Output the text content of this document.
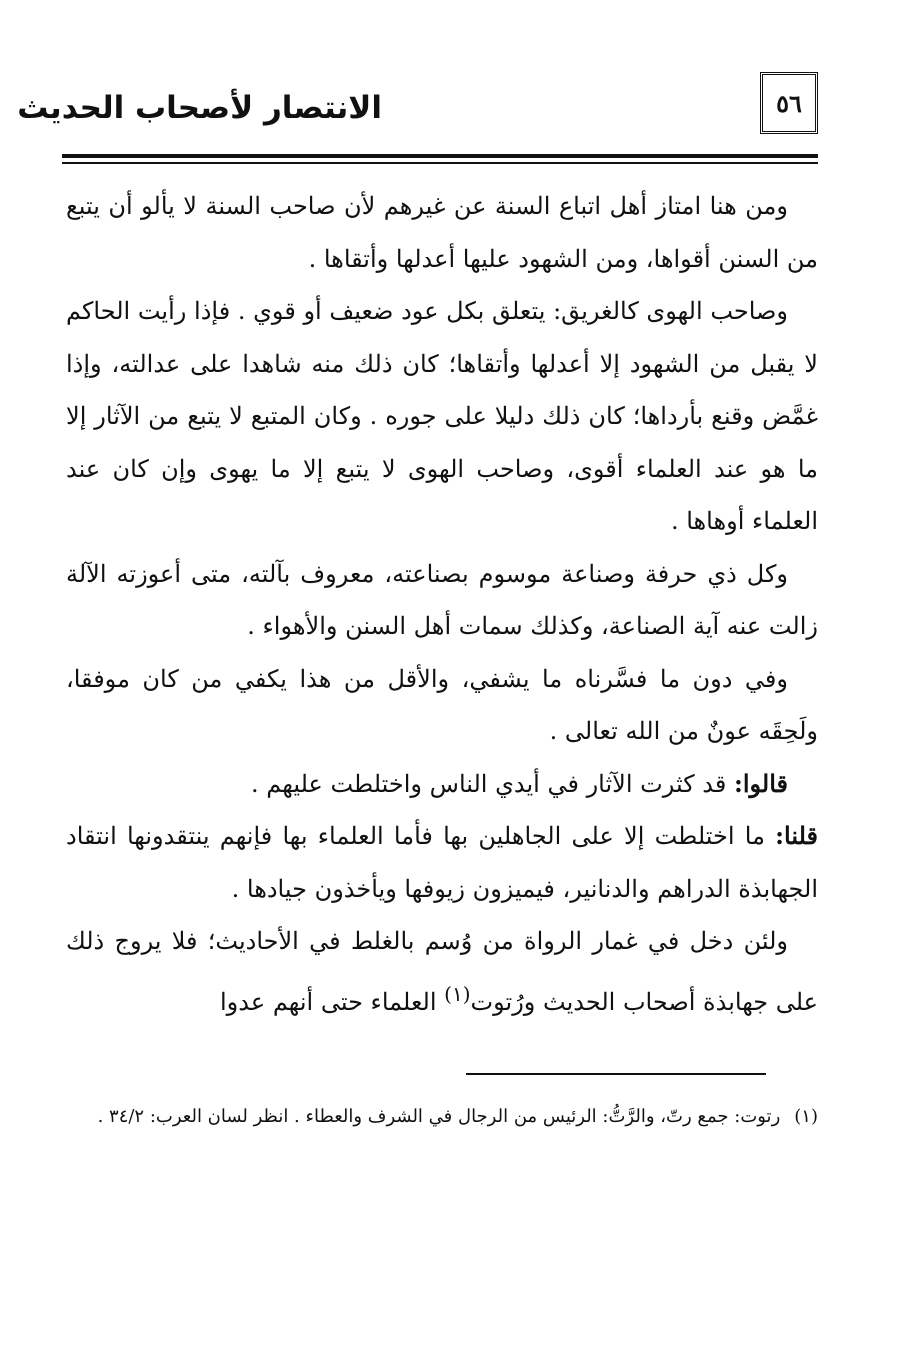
٥٦
الانتصار لأصحاب الحديث

ومن هنا امتاز أهل اتباع السنة عن غيرهم لأن صاحب السنة لا يألو أن يتبع من السنن أقواها، ومن الشهود عليها أعدلها وأتقاها .

وصاحب الهوى كالغريق: يتعلق بكل عود ضعيف أو قوي . فإذا رأيت الحاكم لا يقبل من الشهود إلا أعدلها وأتقاها؛ كان ذلك منه شاهدا على عدالته، وإذا غمَّض وقنع بأرداها؛ كان ذلك دليلا على جوره . وكان المتبع لا يتبع من الآثار إلا ما هو عند العلماء أقوى، وصاحب الهوى لا يتبع إلا ما يهوى وإن كان عند العلماء أوهاها .

وكل ذي حرفة وصناعة موسوم بصناعته، معروف بآلته، متى أعوزته الآلة زالت عنه آية الصناعة، وكذلك سمات أهل السنن والأهواء .

وفي دون ما فسَّرناه ما يشفي، والأقل من هذا يكفي من كان موفقا، ولَحِقَه عونٌ من الله تعالى .

قالوا: قد كثرت الآثار في أيدي الناس واختلطت عليهم .

قلنا: ما اختلطت إلا على الجاهلين بها فأما العلماء بها فإنهم ينتقدونها انتقاد الجهابذة الدراهم والدنانير، فيميزون زيوفها ويأخذون جيادها .

ولئن دخل في غمار الرواة من وُسم بالغلط في الأحاديث؛ فلا يروج ذلك على جهابذة أصحاب الحديث ورُتوت$^{(١)}$ العلماء حتى أنهم عدوا

(١)رتوت: جمع رتّ، والرَّتُّ: الرئيس من الرجال في الشرف والعطاء . انظر لسان العرب: ٣٤/٢ .
